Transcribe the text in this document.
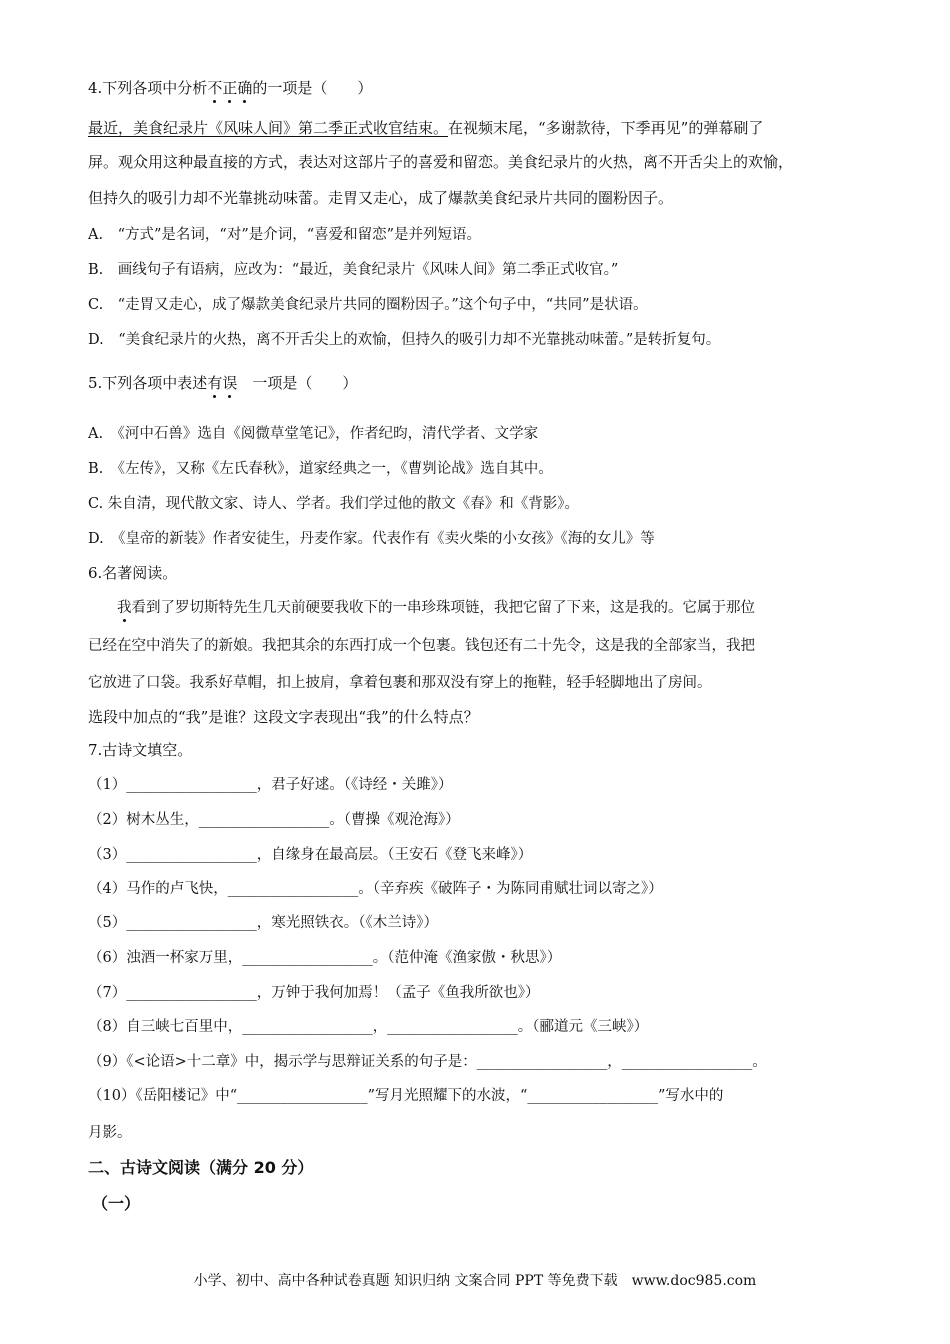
4.下列各项中分析不正确的一项是（　　）
最近，美食纪录片《风味人间》第二季正式收官结束。在视频末尾，“多谢款待，下季再见”的弹幕刷了
屏。观众用这种最直接的方式，表达对这部片子的喜爱和留恋。美食纪录片的火热，离不开舌尖上的欢愉，
但持久的吸引力却不光靠挑动味蕾。走胃又走心，成了爆款美食纪录片共同的圈粉因子。
A.　“方式”是名词，“对”是介词，“喜爱和留恋”是并列短语。
B.　画线句子有语病，应改为：“最近，美食纪录片《风味人间》第二季正式收官。”
C.　“走胃又走心，成了爆款美食纪录片共同的圈粉因子。”这个句子中，“共同”是状语。
D.　“美食纪录片的火热，离不开舌尖上的欢愉，但持久的吸引力却不光靠挑动味蕾。”是转折复句。
5.下列各项中表述有误　一项是（　　）
A.　《河中石兽》选自《阅微草堂笔记》，作者纪昀，清代学者、文学家
B.　《左传》，又称《左氏春秋》，道家经典之一，《曹刿论战》选自其中。
C. 朱自清，现代散文家、诗人、学者。我们学过他的散文《春》和《背影》。
D.　《皇帝的新装》作者安徒生，丹麦作家。代表作有《卖火柴的小女孩》《海的女儿》等
6.名著阅读。
　　我看到了罗切斯特先生几天前硬要我收下的一串珍珠项链，我把它留了下来，这是我的。它属于那位
已经在空中消失了的新娘。我把其余的东西打成一个包裹。钱包还有二十先令，这是我的全部家当，我把
它放进了口袋。我系好草帽，扣上披肩，拿着包裹和那双没有穿上的拖鞋，轻手轻脚地出了房间。
选段中加点的“我”是谁？这段文字表现出“我”的什么特点？
7.古诗文填空。
（1）__________________，君子好逑。（《诗经・关雎》）
（2）树木丛生，__________________。（曹操《观沧海》）
（3）__________________，自缘身在最高层。（王安石《登飞来峰》）
（4）马作的卢飞快，__________________。（辛弃疾《破阵子・为陈同甫赋壮词以寄之》）
（5）__________________，寒光照铁衣。（《木兰诗》）
（6）浊酒一杯家万里，__________________。（范仲淹《渔家傲・秋思》）
（7）__________________，万钟于我何加焉！（孟子《鱼我所欲也》）
（8）自三峡七百里中，__________________，__________________。（郦道元《三峡》）
（9）《<论语>十二章》中，揭示学与思辩证关系的句子是：__________________，__________________。
（10）《岳阳楼记》中“__________________”写月光照耀下的水波，“__________________”写水中的
月影。
二、古诗文阅读（满分 20 分）
（一）
小学、初中、高中各种试卷真题 知识归纳 文案合同 PPT 等免费下载　www.doc985.com
